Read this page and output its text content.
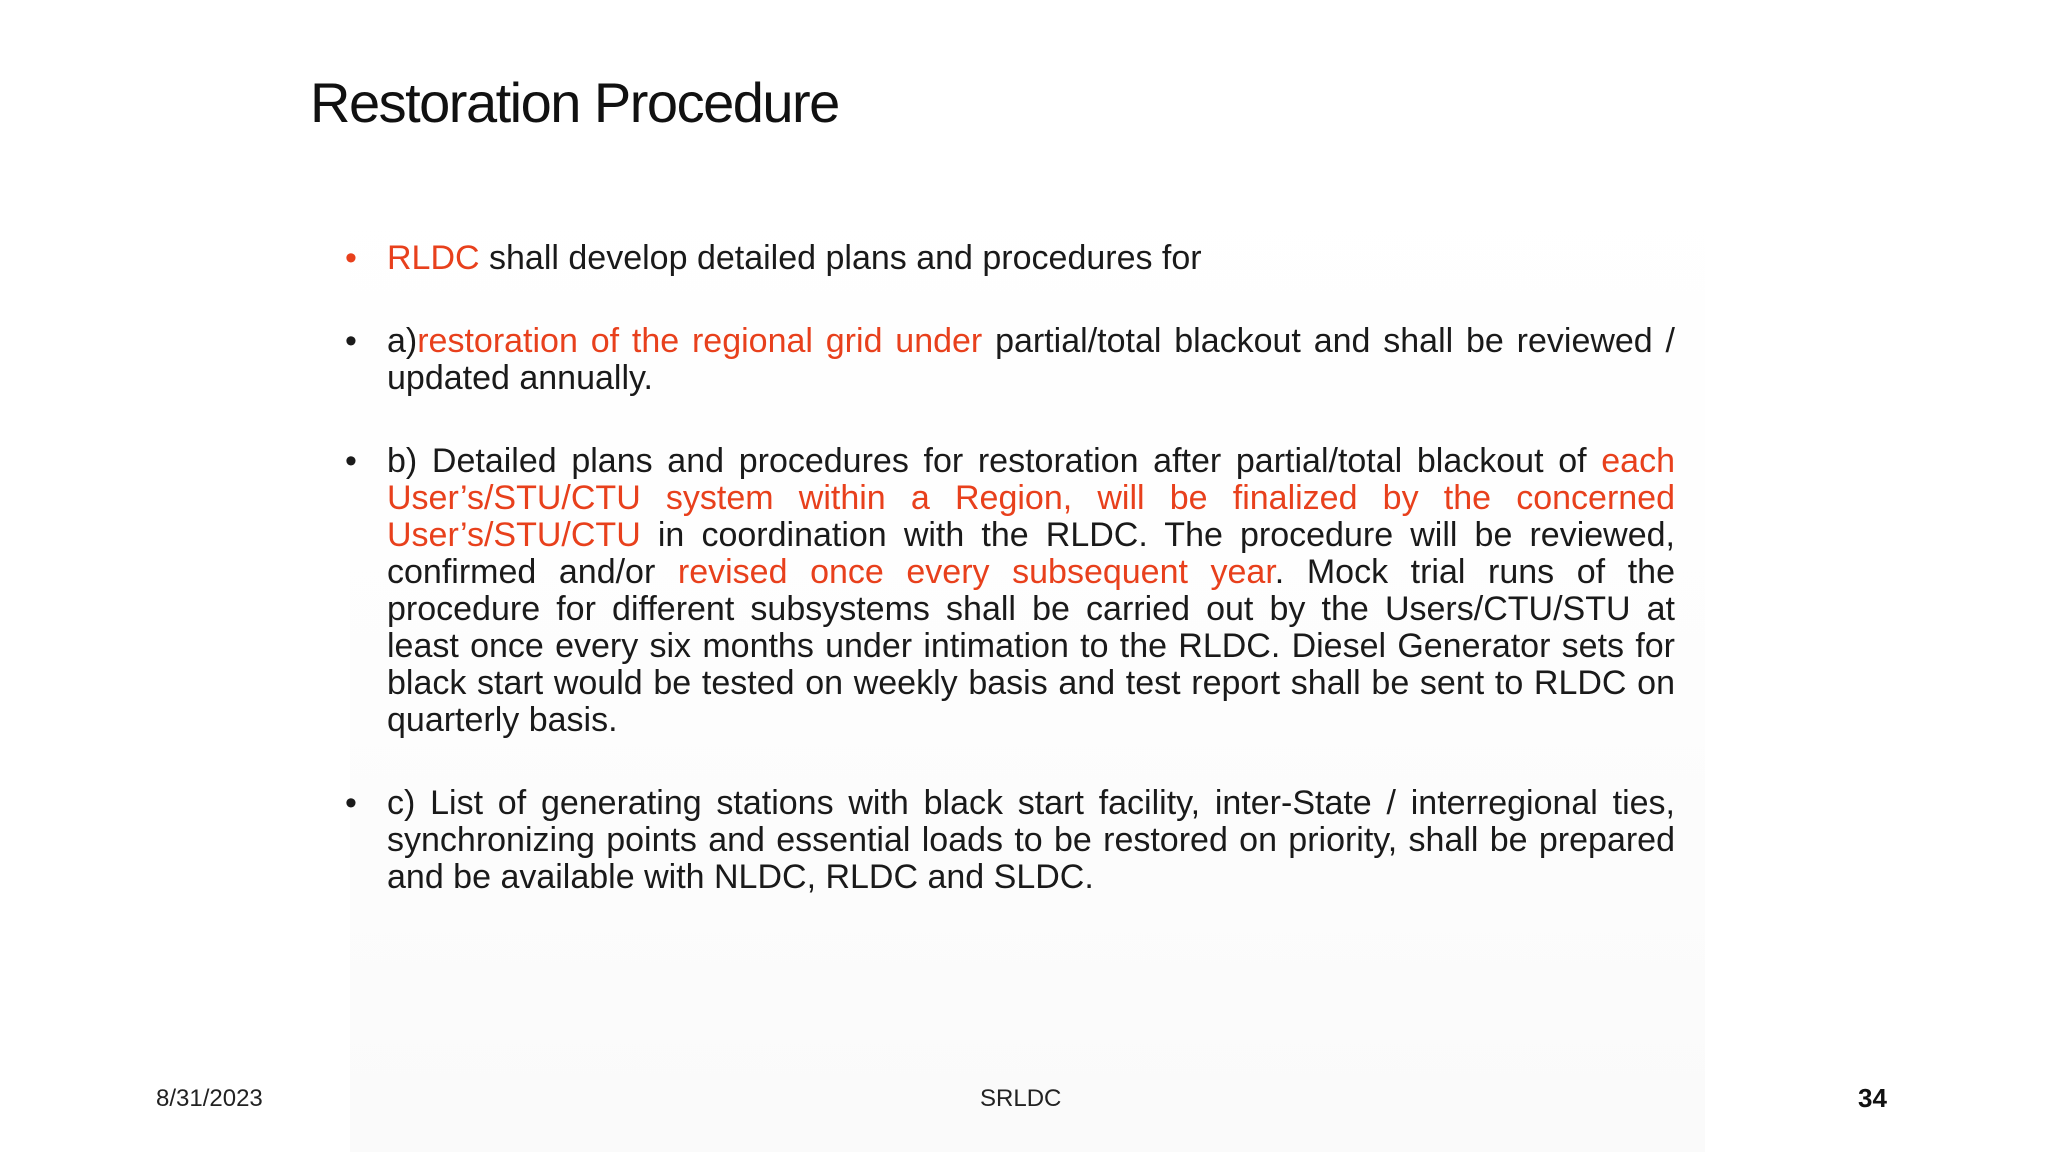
Restoration Procedure
• RLDC shall develop detailed plans and procedures for
• a)restoration of the regional grid under partial/total blackout and shall be reviewed / updated annually.
• b) Detailed plans and procedures for restoration after partial/total blackout of each User’s/STU/CTU system within a Region, will be finalized by the concerned User’s/STU/CTU in coordination with the RLDC. The procedure will be reviewed, confirmed and/or revised once every subsequent year. Mock trial runs of the procedure for different subsystems shall be carried out by the Users/CTU/STU at least once every six months under intimation to the RLDC. Diesel Generator sets for black start would be tested on weekly basis and test report shall be sent to RLDC on quarterly basis.
• c) List of generating stations with black start facility, inter-State / interregional ties, synchronizing points and essential loads to be restored on priority, shall be prepared and be available with NLDC, RLDC and SLDC.
8/31/2023	SRLDC	34
